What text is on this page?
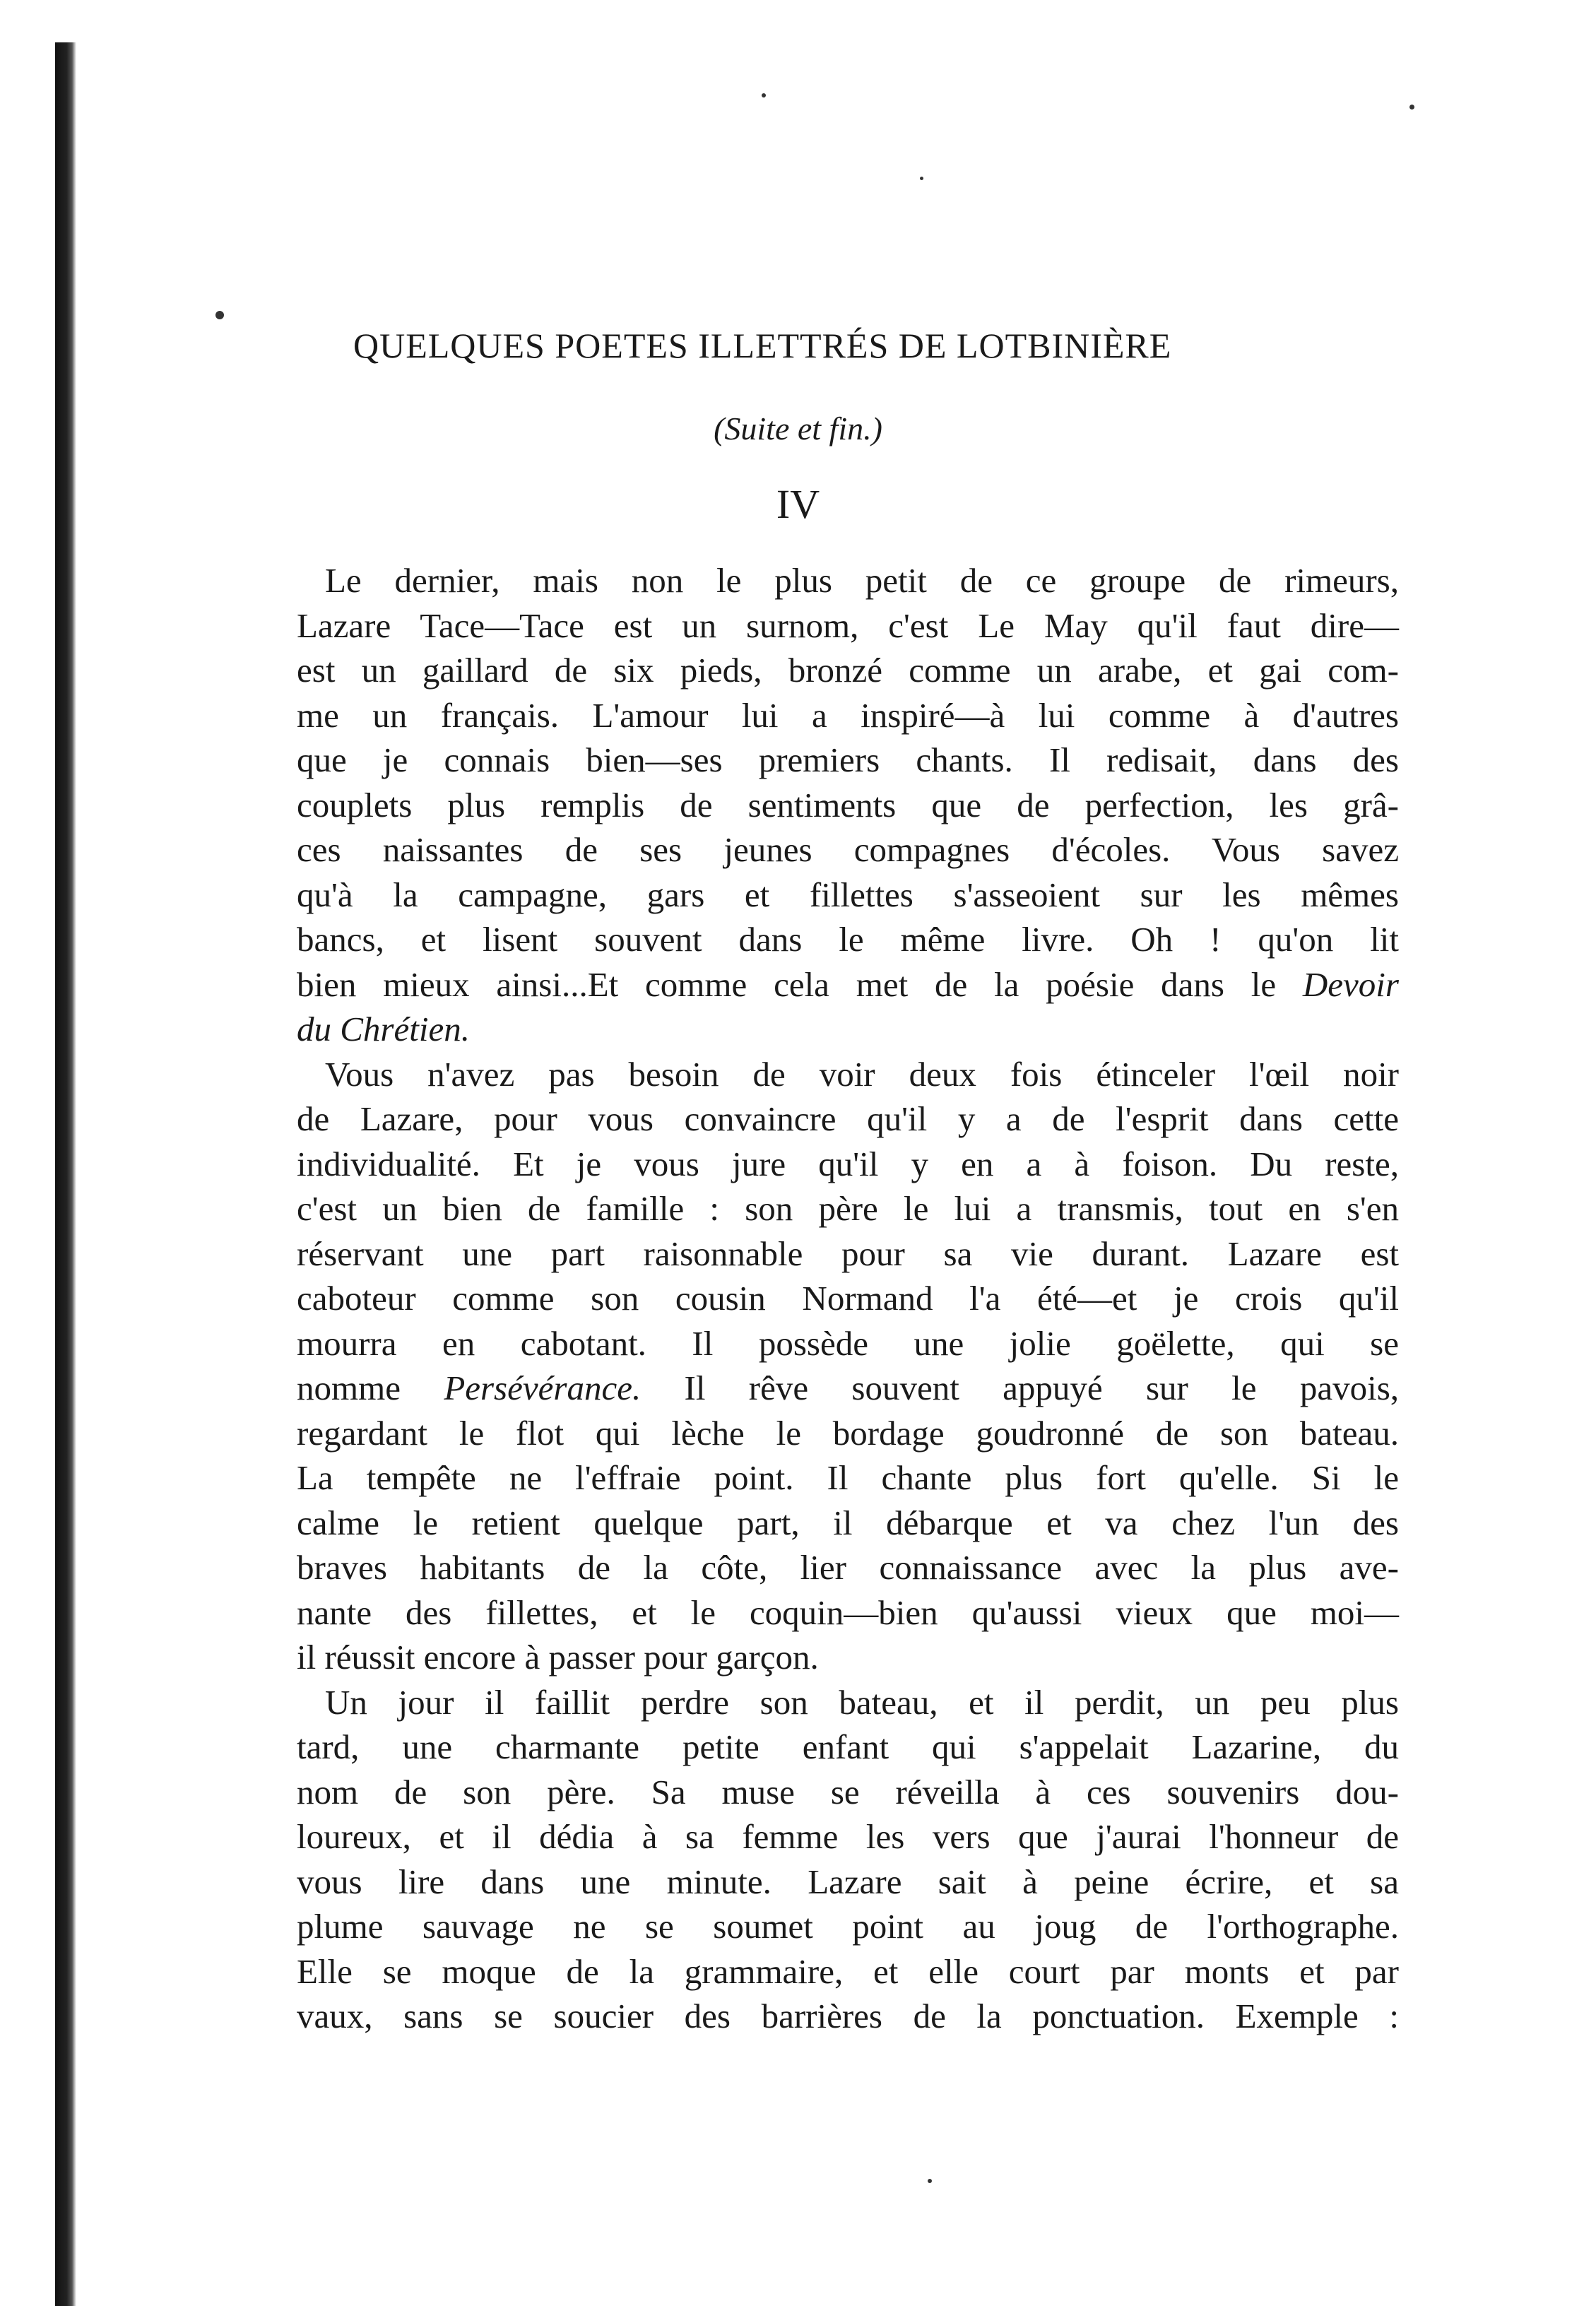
QUELQUES POETES ILLETTRÉS DE LOTBINIÈRE
(Suite et fin.)
IV
Le dernier, mais non le plus petit de ce groupe de rimeurs,
Lazare Tace—Tace est un surnom, c'est Le May qu'il faut dire—
est un gaillard de six pieds, bronzé comme un arabe, et gai com-
me un français. L'amour lui a inspiré—à lui comme à d'autres
que je connais bien—ses premiers chants. Il redisait, dans des
couplets plus remplis de sentiments que de perfection, les grâ-
ces naissantes de ses jeunes compagnes d'écoles. Vous savez
qu'à la campagne, gars et fillettes s'asseoient sur les mêmes
bancs, et lisent souvent dans le même livre. Oh ! qu'on lit
bien mieux ainsi...Et comme cela met de la poésie dans le Devoir
du Chrétien.
Vous n'avez pas besoin de voir deux fois étinceler l'œil noir
de Lazare, pour vous convaincre qu'il y a de l'esprit dans cette
individualité. Et je vous jure qu'il y en a à foison. Du reste,
c'est un bien de famille : son père le lui a transmis, tout en s'en
réservant une part raisonnable pour sa vie durant. Lazare est
caboteur comme son cousin Normand l'a été—et je crois qu'il
mourra en cabotant. Il possède une jolie goëlette, qui se
nomme Persévérance. Il rêve souvent appuyé sur le pavois,
regardant le flot qui lèche le bordage goudronné de son bateau.
La tempête ne l'effraie point. Il chante plus fort qu'elle. Si le
calme le retient quelque part, il débarque et va chez l'un des
braves habitants de la côte, lier connaissance avec la plus ave-
nante des fillettes, et le coquin—bien qu'aussi vieux que moi—
il réussit encore à passer pour garçon.
Un jour il faillit perdre son bateau, et il perdit, un peu plus
tard, une charmante petite enfant qui s'appelait Lazarine, du
nom de son père. Sa muse se réveilla à ces souvenirs dou-
loureux, et il dédia à sa femme les vers que j'aurai l'honneur de
vous lire dans une minute. Lazare sait à peine écrire, et sa
plume sauvage ne se soumet point au joug de l'orthographe.
Elle se moque de la grammaire, et elle court par monts et par
vaux, sans se soucier des barrières de la ponctuation. Exemple :
